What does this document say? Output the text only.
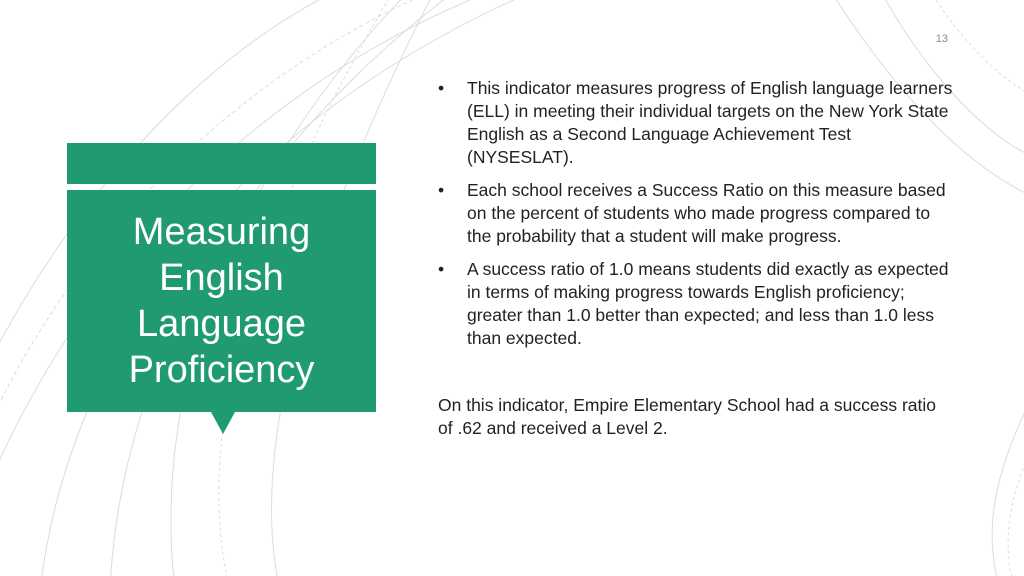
13
Measuring English Language Proficiency
•	This indicator measures progress of English language learners (ELL) in meeting their individual targets on the New York State English as a Second Language Achievement Test (NYSESLAT).
•	Each school receives a Success Ratio on this measure based on the percent of students who made progress compared to the probability that a student will make progress.
•	A success ratio of 1.0 means students did exactly as expected in terms of making progress towards English proficiency; greater than 1.0 better than expected; and less than 1.0 less than expected.

On this indicator, Empire Elementary School had a success ratio of .62 and received a Level 2.
